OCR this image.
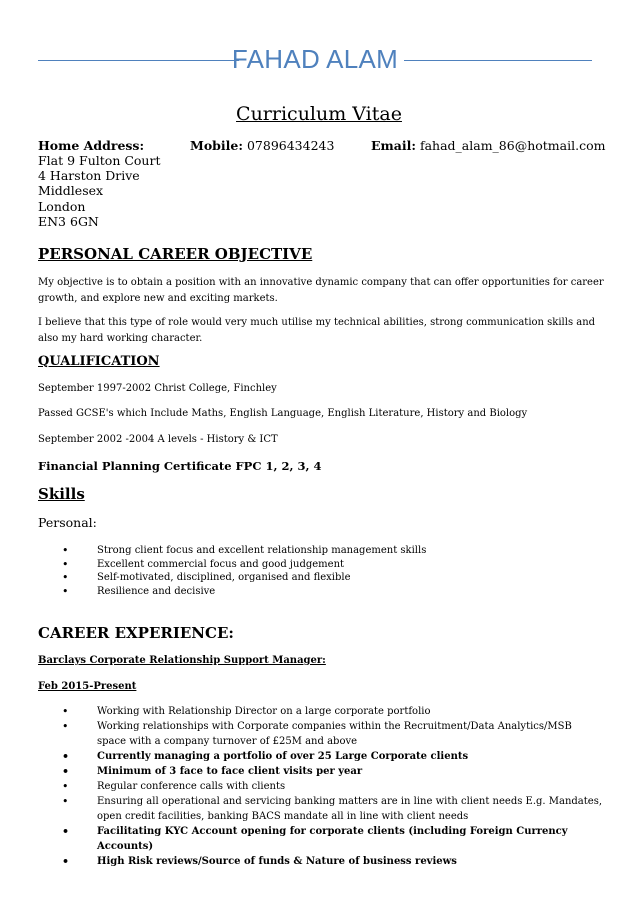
FAHAD ALAM
Curriculum Vitae
Home Address:	Mobile: 07896434243	Email: fahad_alam_86@hotmail.com
Flat 9 Fulton Court
4 Harston Drive
Middlesex
London
EN3 6GN
PERSONAL CAREER OBJECTIVE
My objective is to obtain a position with an innovative dynamic company that can offer opportunities for career growth, and explore new and exciting markets.
I believe that this type of role would very much utilise my technical abilities, strong communication skills and also my hard working character.
QUALIFICATION
September 1997-2002 Christ College, Finchley
Passed GCSE's which Include Maths, English Language, English Literature, History and Biology
September 2002 -2004 A levels - History & ICT
Financial Planning Certificate FPC 1, 2, 3, 4
Skills
Personal:
• Strong client focus and excellent relationship management skills
• Excellent commercial focus and good judgement
• Self-motivated, disciplined, organised and flexible
• Resilience and decisive
CAREER EXPERIENCE:
Barclays Corporate Relationship Support Manager:
Feb 2015-Present
• Working with Relationship Director on a large corporate portfolio
• Working relationships with Corporate companies within the Recruitment/Data Analytics/MSB space with a company turnover of £25M and above
• Currently managing a portfolio of over 25 Large Corporate clients
• Minimum of 3 face to face client visits per year
• Regular conference calls with clients
• Ensuring all operational and servicing banking matters are in line with client needs E.g. Mandates, open credit facilities, banking BACS mandate all in line with client needs
• Facilitating KYC Account opening for corporate clients (including Foreign Currency Accounts)
• High Risk reviews/Source of funds & Nature of business reviews
